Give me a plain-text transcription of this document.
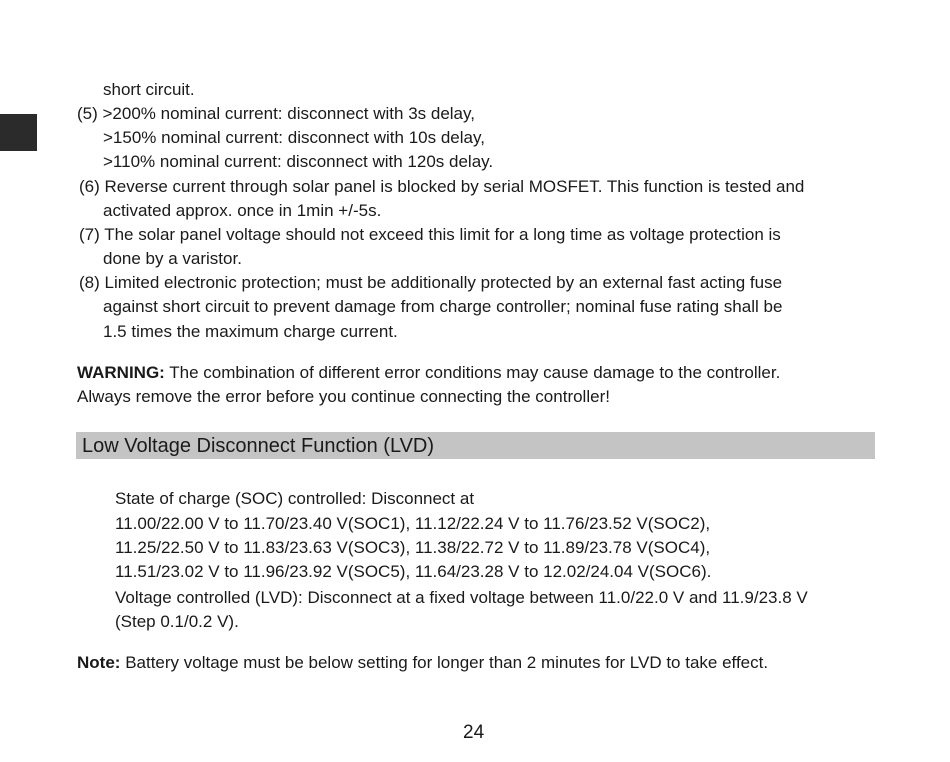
short circuit.
(5) >200% nominal current: disconnect with 3s delay,
>150% nominal current: disconnect with 10s delay,
>110% nominal current: disconnect with 120s delay.
(6) Reverse current through solar panel is blocked by serial MOSFET. This function is tested and
activated approx. once in 1min +/-5s.
(7) The solar panel voltage should not exceed this limit for a long time as voltage protection is
done by a varistor.
(8) Limited electronic protection; must be additionally protected by an external fast acting fuse
against short circuit to prevent damage from charge controller; nominal fuse rating shall be
1.5 times the maximum charge current.
WARNING: The combination of different error conditions may cause damage to the controller.
Always remove the error before you continue connecting the controller!
Low Voltage Disconnect Function (LVD)
State of charge (SOC) controlled: Disconnect at
11.00/22.00 V to 11.70/23.40 V(SOC1), 11.12/22.24 V to 11.76/23.52 V(SOC2),
11.25/22.50 V to 11.83/23.63 V(SOC3), 11.38/22.72 V to 11.89/23.78 V(SOC4),
11.51/23.02 V to 11.96/23.92 V(SOC5), 11.64/23.28 V to 12.02/24.04 V(SOC6).
Voltage controlled (LVD): Disconnect at a fixed voltage between 11.0/22.0 V and 11.9/23.8 V
(Step 0.1/0.2 V).
Note: Battery voltage must be below setting for longer than 2 minutes for LVD to take effect.
24
